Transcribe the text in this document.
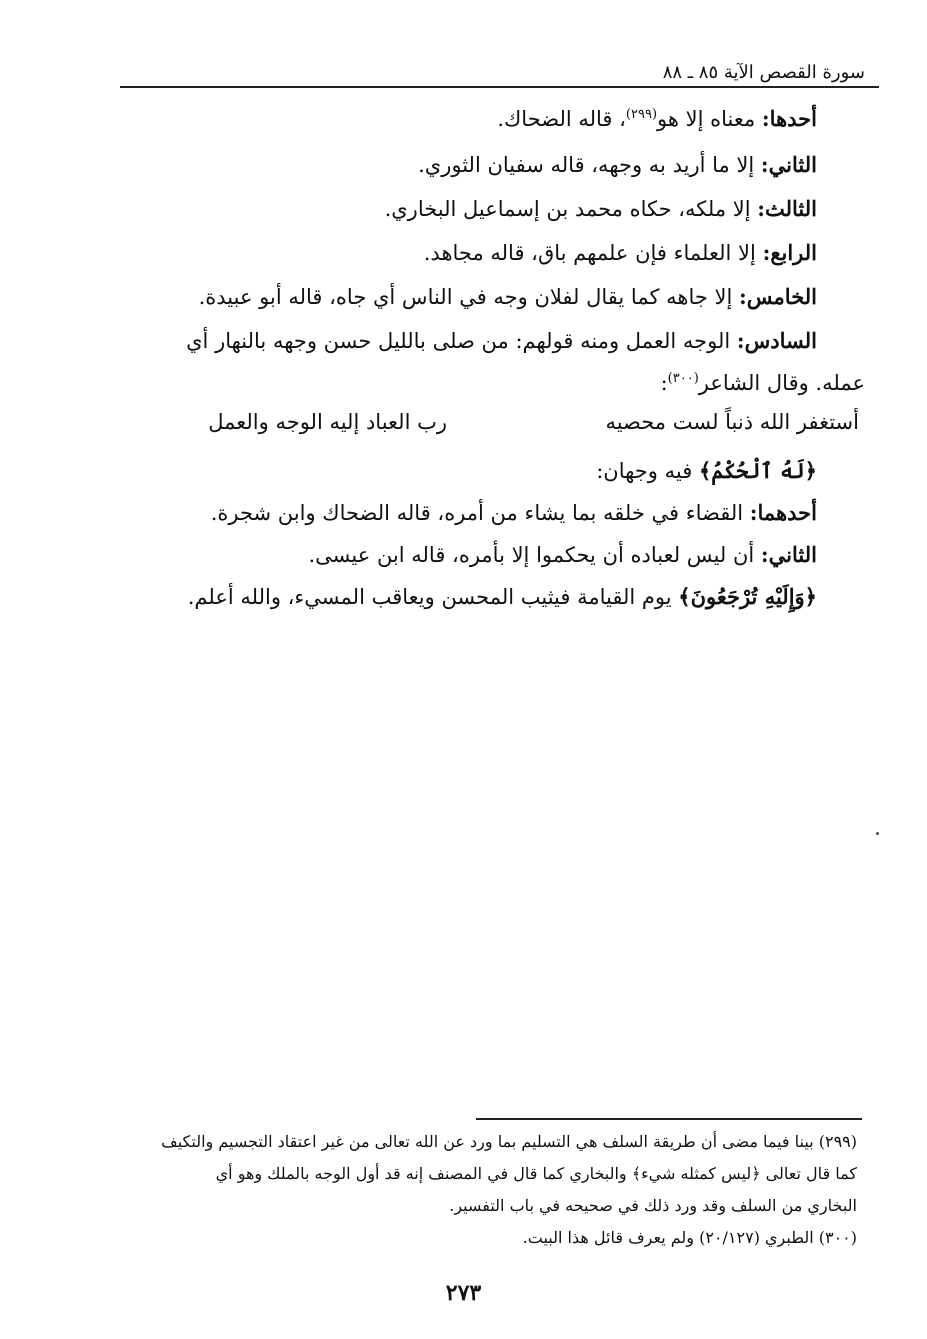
سورة القصص الآية ٨٥ ـ ٨٨
أحدها: معناه إلا هو$^{(٢٩٩)}$، قاله الضحاك.
الثاني: إلا ما أريد به وجهه، قاله سفيان الثوري.
الثالث: إلا ملكه، حكاه محمد بن إسماعيل البخاري.
الرابع: إلا العلماء فإن علمهم باق، قاله مجاهد.
الخامس: إلا جاهه كما يقال لفلان وجه في الناس أي جاه، قاله أبو عبيدة.
السادس: الوجه العمل ومنه قولهم: من صلى بالليل حسن وجهه بالنهار أي
عمله. وقال الشاعر$^{(٣٠٠)}$:
أستغفر الله ذنباً لست محصيه
رب العباد إليه الوجه والعمل
﴿لَهُ ٱلْحُكْمُ﴾ فيه وجهان:
أحدهما: القضاء في خلقه بما يشاء من أمره، قاله الضحاك وابن شجرة.
الثاني: أن ليس لعباده أن يحكموا إلا بأمره، قاله ابن عيسى.
﴿وَإِلَيْهِ تُرْجَعُونَ﴾ يوم القيامة فيثيب المحسن ويعاقب المسيء، والله أعلم.
(٢٩٩) بينا فيما مضى أن طريقة السلف هي التسليم بما ورد عن الله تعالى من غير اعتقاد التجسيم والتكيف
كما قال تعالى ﴿ليس كمثله شيء﴾ والبخاري كما قال في المصنف إنه قد أول الوجه بالملك وهو أي
البخاري من السلف وقد ورد ذلك في صحيحه في باب التفسير.
(٣٠٠) الطبري (٢٠/١٢٧) ولم يعرف قائل هذا البيت.
٢٧٣
